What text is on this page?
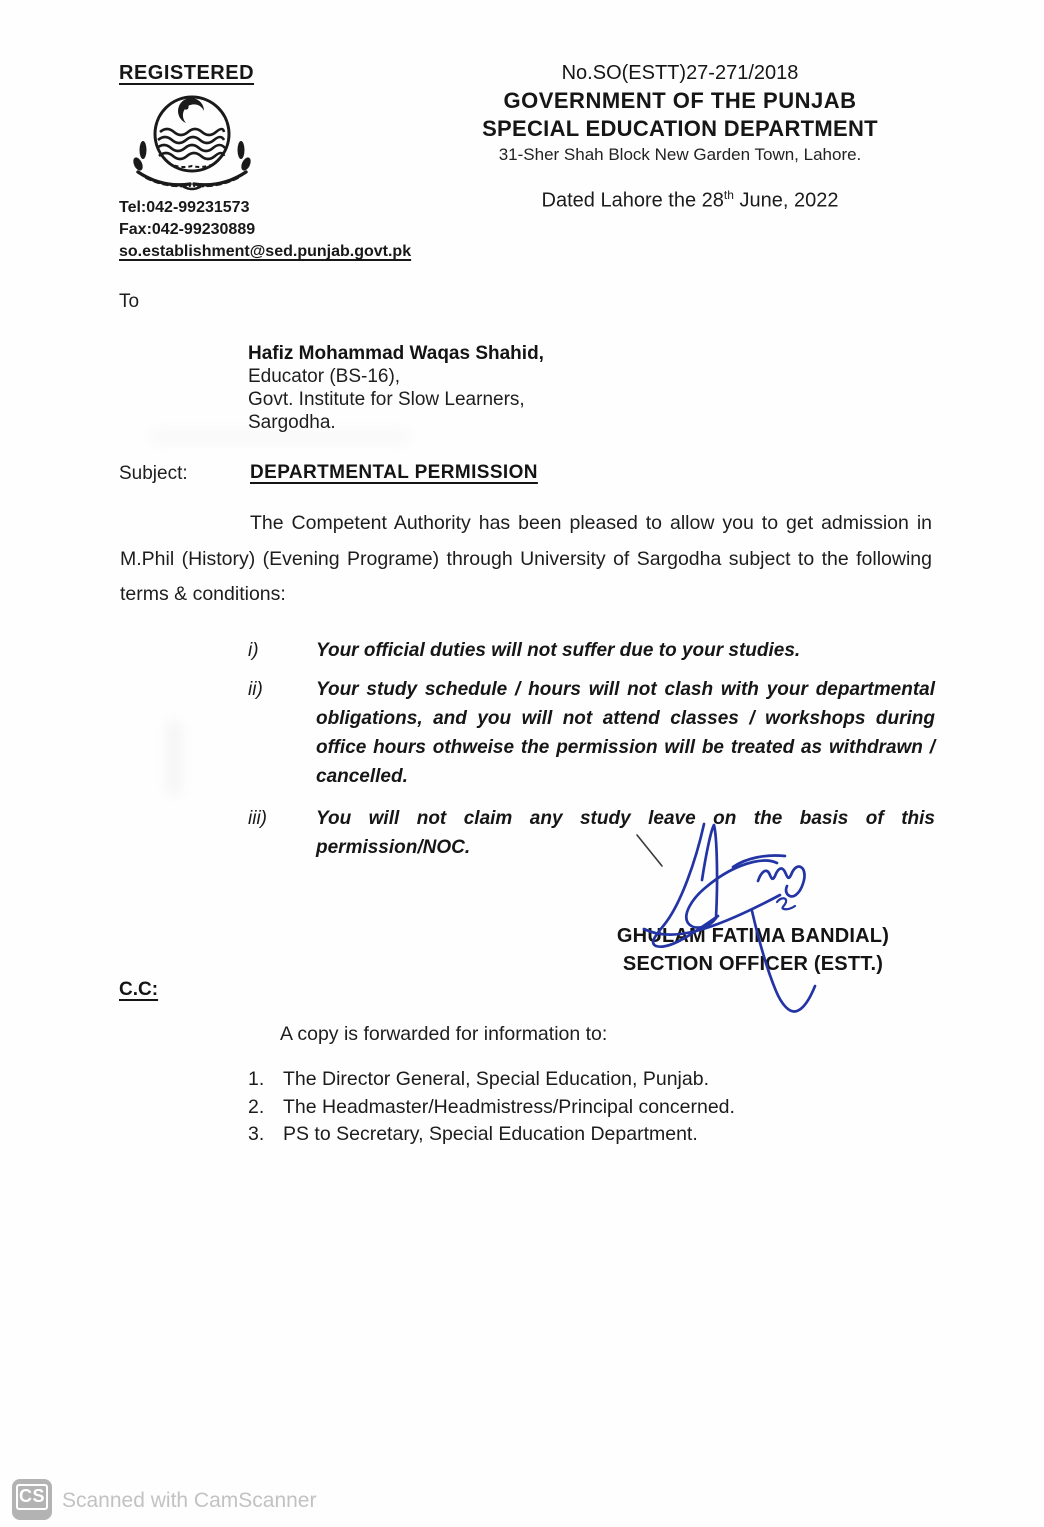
REGISTERED
Tel:042-99231573
Fax:042-99230889
so.establishment@sed.punjab.govt.pk
No.SO(ESTT)27-271/2018
GOVERNMENT OF THE PUNJAB
SPECIAL EDUCATION DEPARTMENT
31-Sher Shah Block New Garden Town, Lahore.
Dated Lahore the 28th June, 2022
To
Hafiz Mohammad Waqas Shahid,
Educator (BS-16),
Govt. Institute for Slow Learners,
Sargodha.
Subject:	DEPARTMENTAL PERMISSION
The Competent Authority has been pleased to allow you to get admission in M.Phil (History) (Evening Programe) through University of Sargodha subject to the following terms & conditions:
i)	Your official duties will not suffer due to your studies.
ii)	Your study schedule / hours will not clash with your departmental obligations, and you will not attend classes / workshops during office hours othweise the permission will be treated as withdrawn / cancelled.
iii)	You will not claim any study leave on the basis of this permission/NOC.
GHULAM FATIMA BANDIAL)
SECTION OFFICER (ESTT.)
C.C:
A copy is forwarded for information to:
1. The Director General, Special Education, Punjab.
2. The Headmaster/Headmistress/Principal concerned.
3. PS to Secretary, Special Education Department.
CS Scanned with CamScanner
